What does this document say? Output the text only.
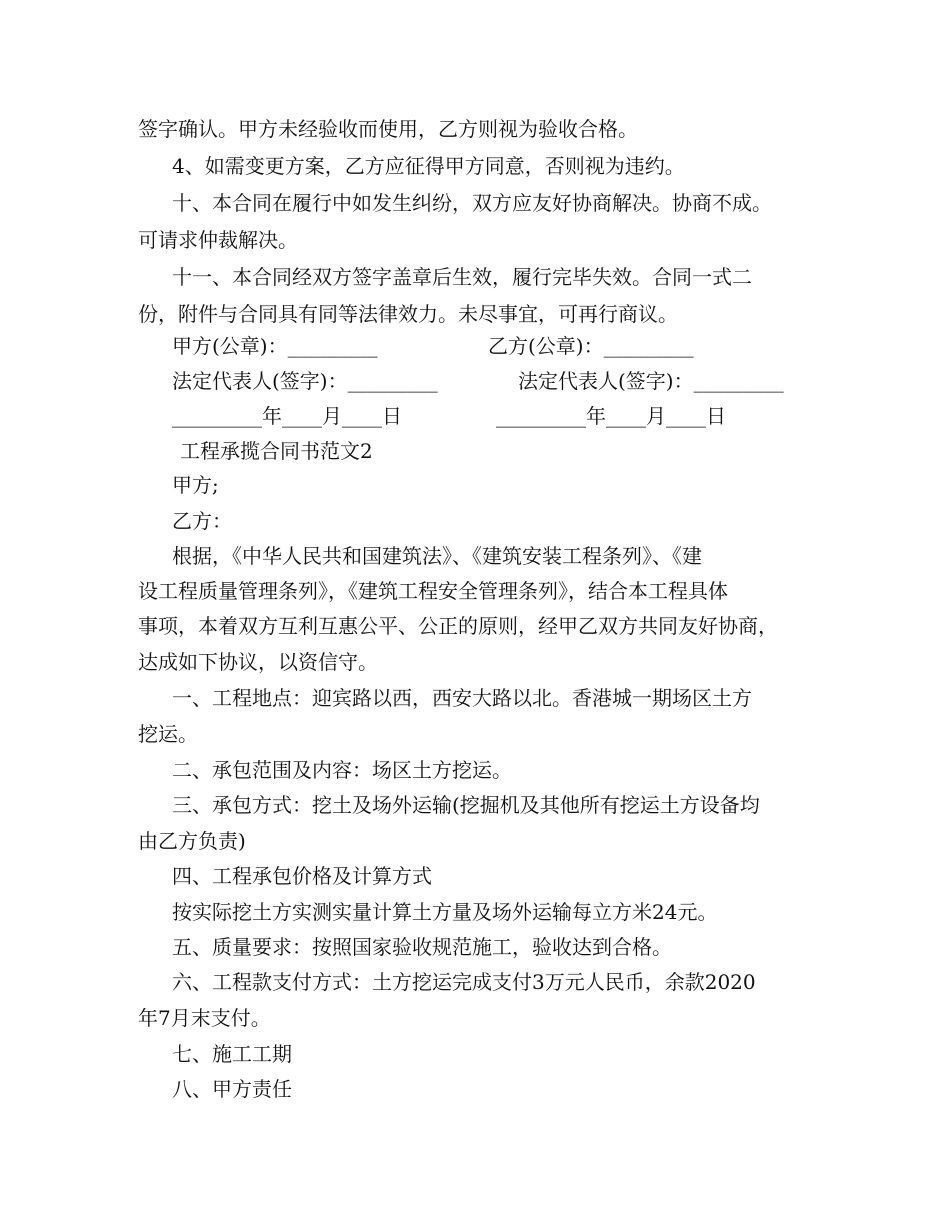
签字确认。甲方未经验收而使用，乙方则视为验收合格。

4、如需变更方案，乙方应征得甲方同意，否则视为违约。

十、本合同在履行中如发生纠纷，双方应友好协商解决。协商不成。

可请求仲裁解决。

十一、本合同经双方签字盖章后生效，履行完毕失效。合同一式二

份，附件与合同具有同等法律效力。未尽事宜，可再行商议。

甲方(公章)：_________	乙方(公章)：_________

法定代表人(签字)：_________	法定代表人(签字)：_________

_________年____月____日	_________年____月____日

工程承揽合同书范文2

甲方;

乙方：

根据，《中华人民共和国建筑法》、《建筑安装工程条列》、《建

设工程质量管理条列》，《建筑工程安全管理条列》，结合本工程具体

事项，本着双方互利互惠公平、公正的原则，经甲乙双方共同友好协商，

达成如下协议，以资信守。

一、工程地点：迎宾路以西，西安大路以北。香港城一期场区土方

挖运。

二、承包范围及内容：场区土方挖运。

三、承包方式：挖土及场外运输(挖掘机及其他所有挖运土方设备均

由乙方负责)

四、工程承包价格及计算方式

按实际挖土方实测实量计算土方量及场外运输每立方米24元。

五、质量要求：按照国家验收规范施工，验收达到合格。

六、工程款支付方式：土方挖运完成支付3万元人民币，余款2020

年7月末支付。

七、施工工期

八、甲方责任
